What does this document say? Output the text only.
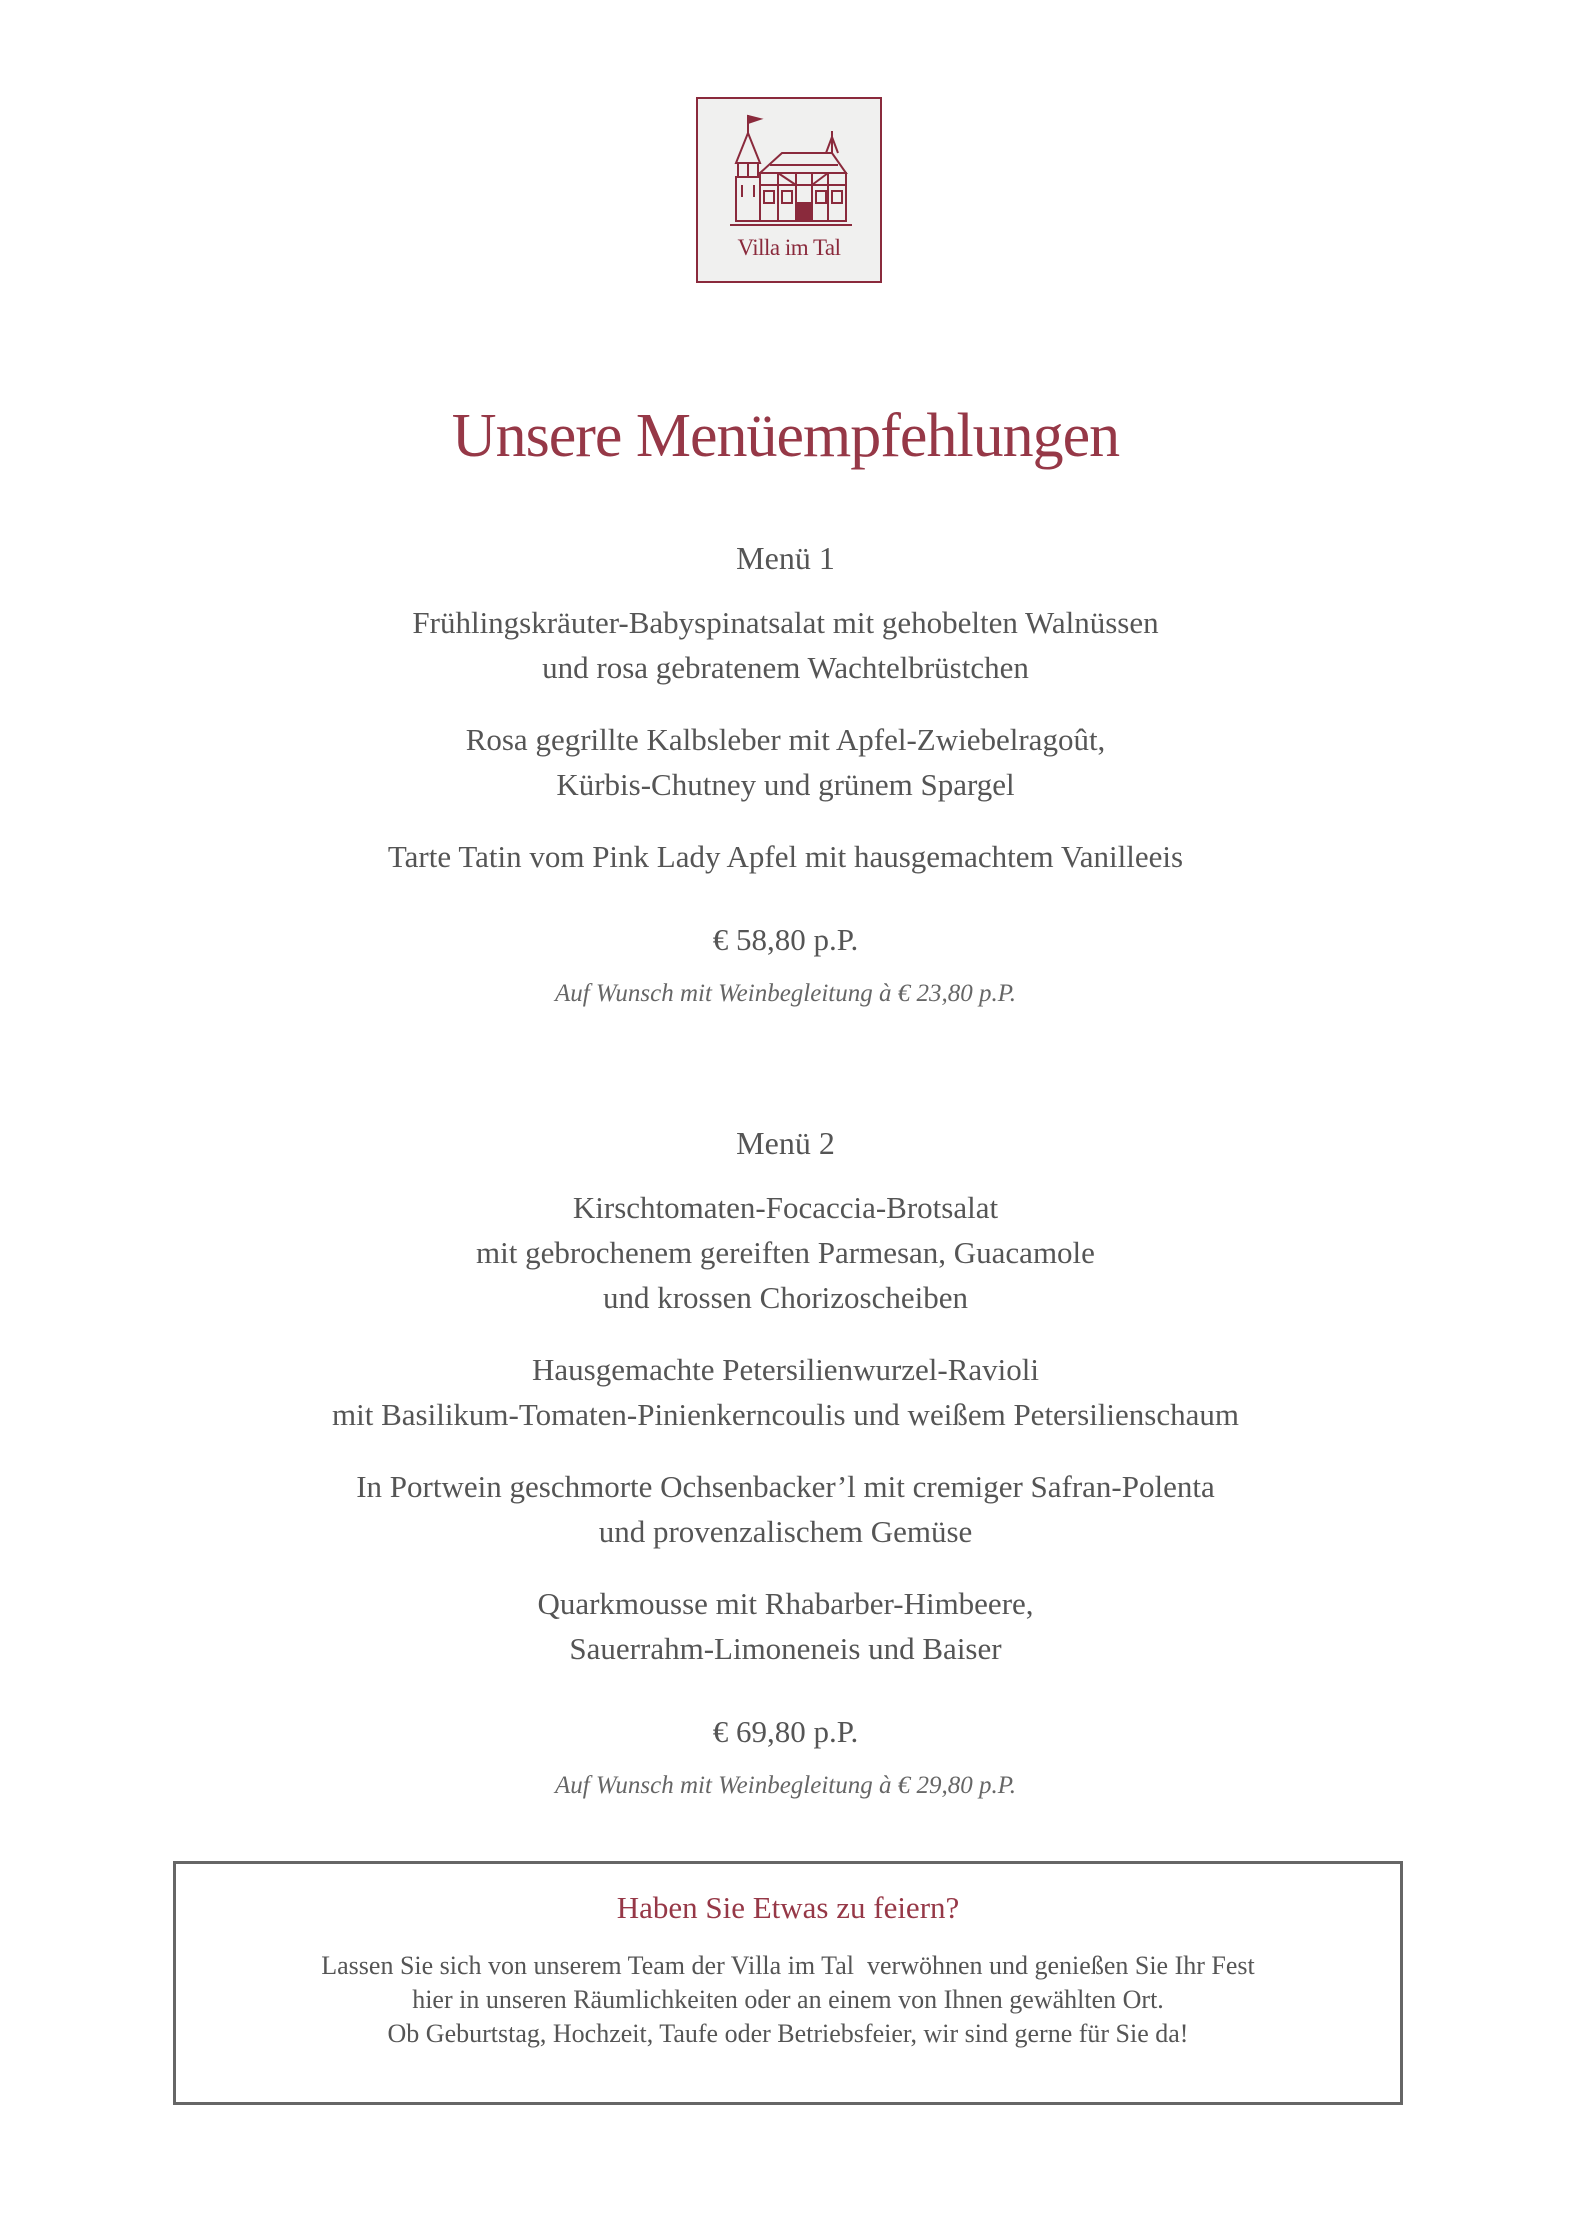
Villa im Tal
Unsere Menüempfehlungen
Menü 1
Frühlingskräuter-Babyspinatsalat mit gehobelten Walnüssen
und rosa gebratenem Wachtelbrüstchen
Rosa gegrillte Kalbsleber mit Apfel-Zwiebelragoût,
Kürbis-Chutney und grünem Spargel
Tarte Tatin vom Pink Lady Apfel mit hausgemachtem Vanilleeis
€ 58,80 p.P.
Auf Wunsch mit Weinbegleitung à € 23,80 p.P.
Menü 2
Kirschtomaten-Focaccia-Brotsalat
mit gebrochenem gereiften Parmesan, Guacamole
und krossen Chorizoscheiben
Hausgemachte Petersilienwurzel-Ravioli
mit Basilikum-Tomaten-Pinienkerncoulis und weißem Petersilienschaum
In Portwein geschmorte Ochsenbacker’l mit cremiger Safran-Polenta
und provenzalischem Gemüse
Quarkmousse mit Rhabarber-Himbeere,
Sauerrahm-Limoneneis und Baiser
€ 69,80 p.P.
Auf Wunsch mit Weinbegleitung à € 29,80 p.P.
Haben Sie Etwas zu feiern?
Lassen Sie sich von unserem Team der Villa im Tal  verwöhnen und genießen Sie Ihr Fest
hier in unseren Räumlichkeiten oder an einem von Ihnen gewählten Ort.
Ob Geburtstag, Hochzeit, Taufe oder Betriebsfeier, wir sind gerne für Sie da!
